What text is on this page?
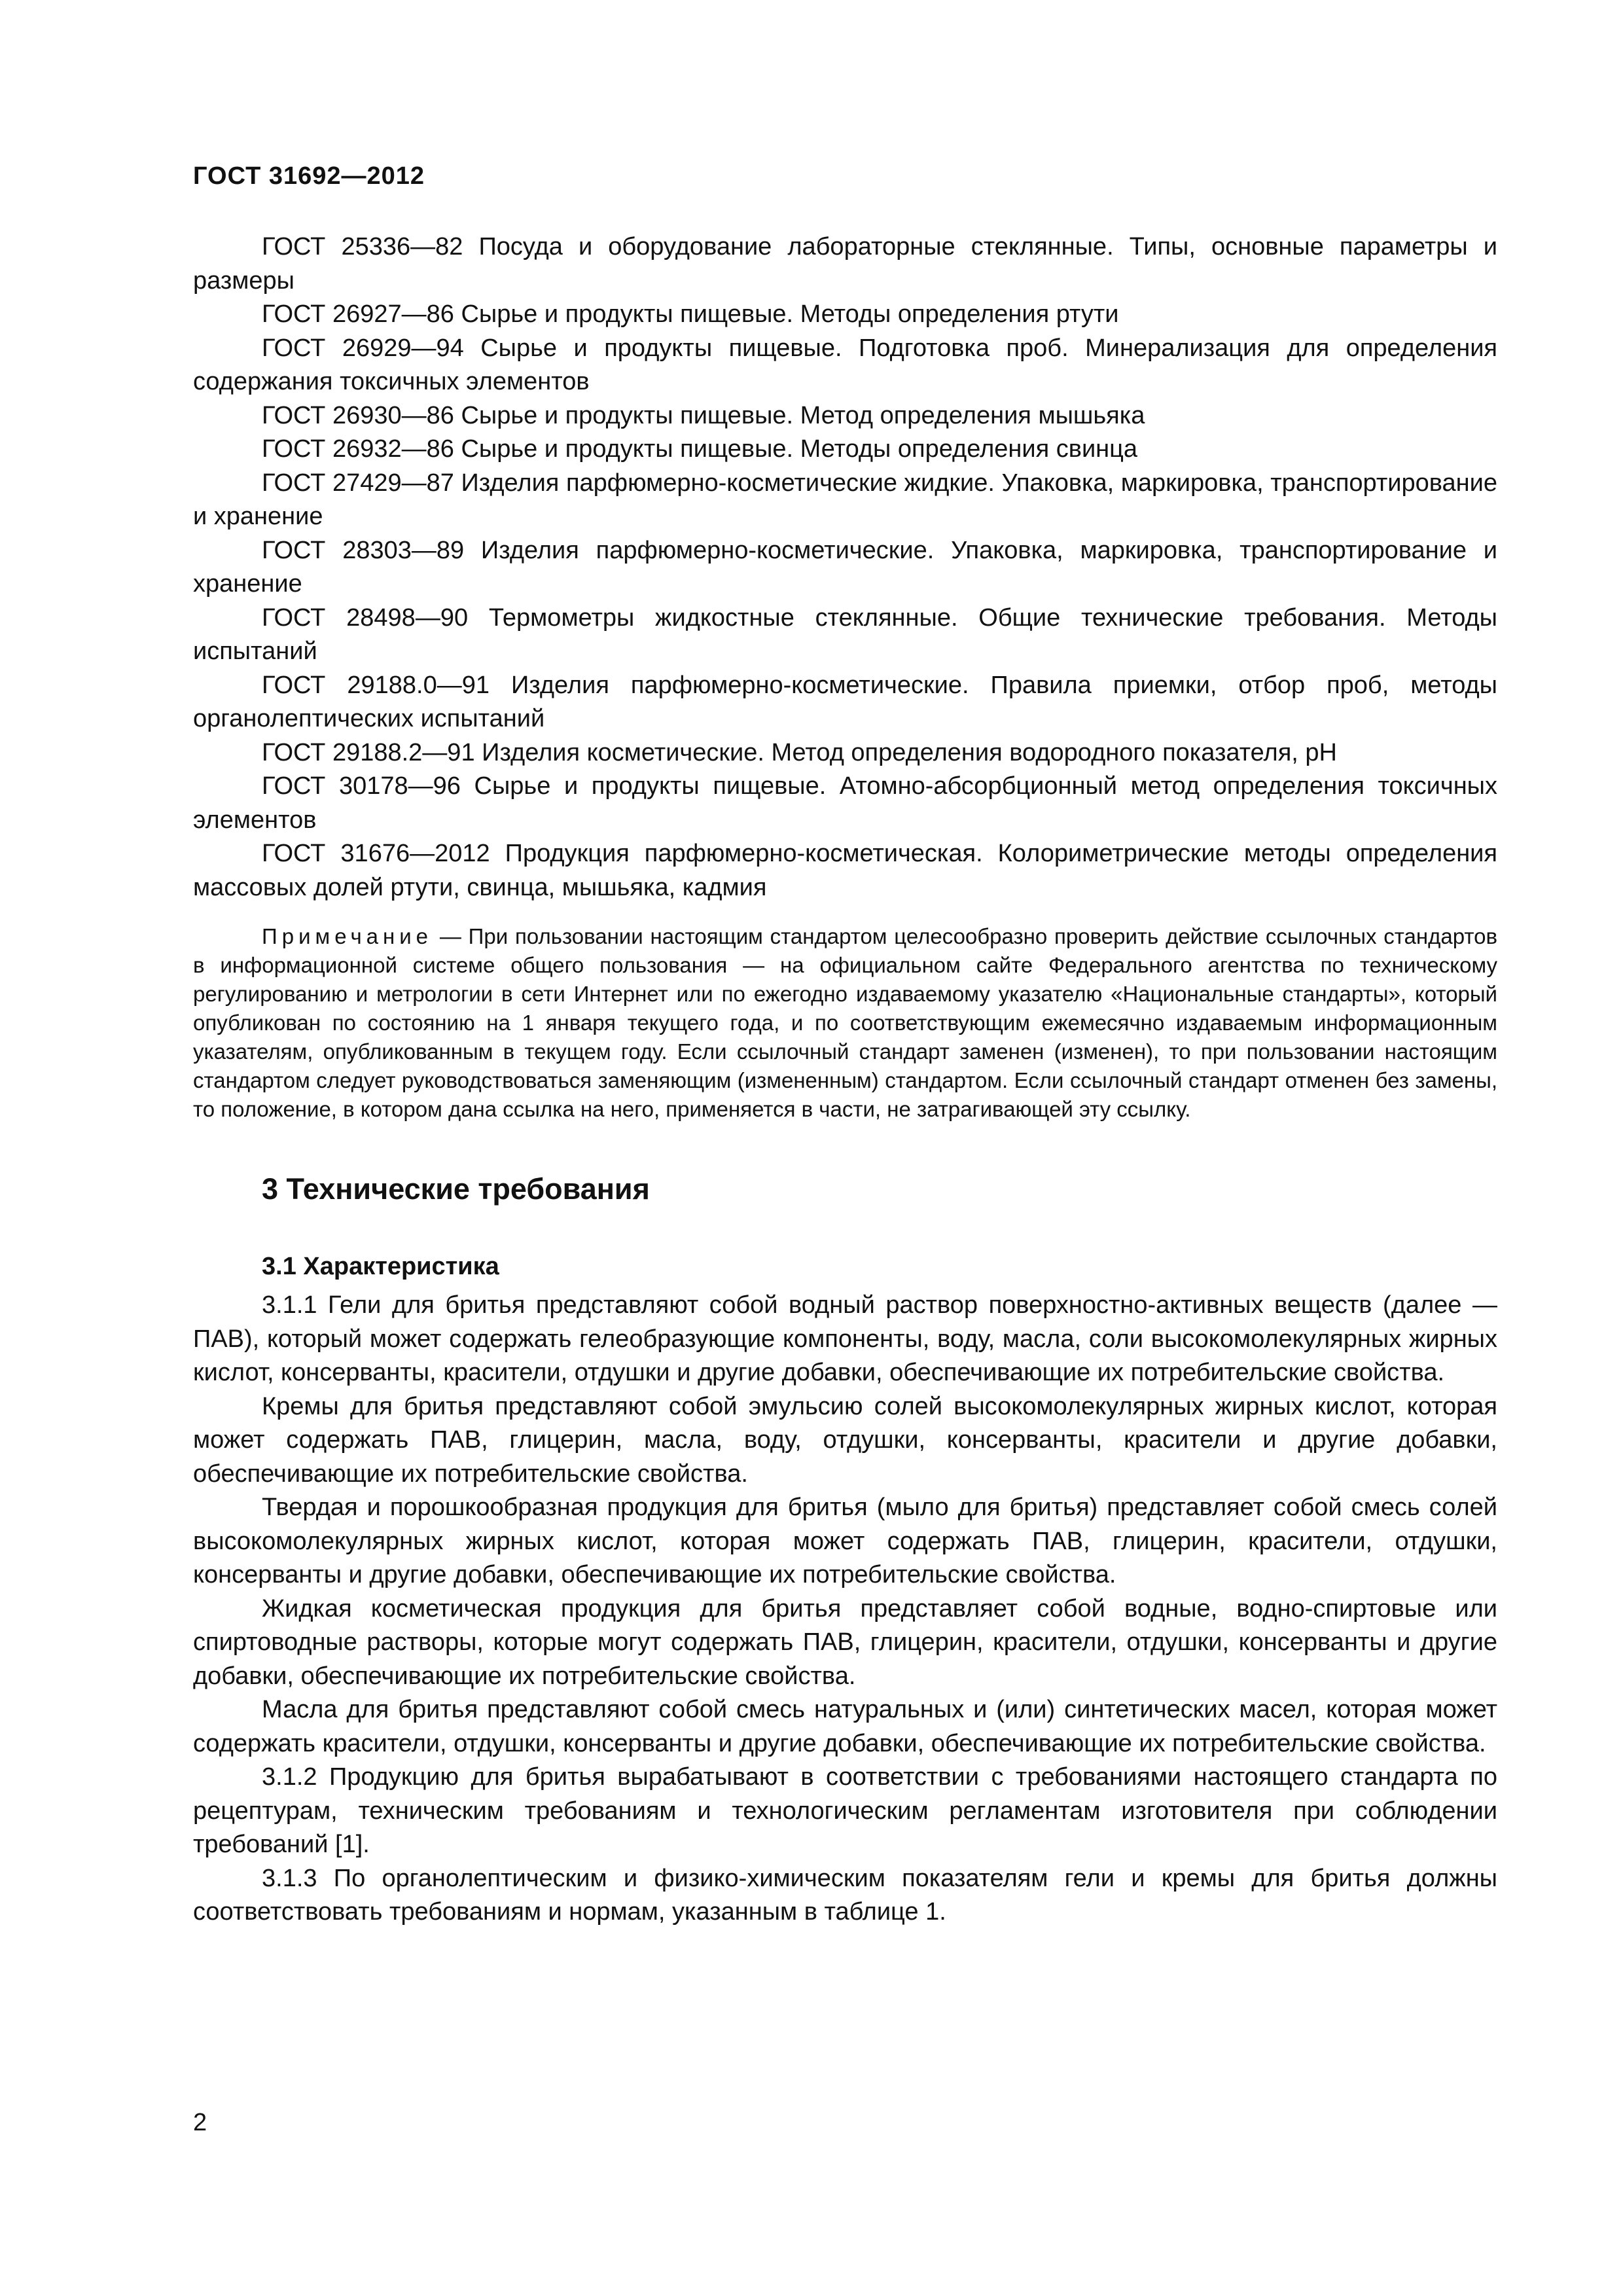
ГОСТ 31692—2012

ГОСТ 25336—82 Посуда и оборудование лабораторные стеклянные. Типы, основные параметры и размеры

ГОСТ 26927—86 Сырье и продукты пищевые. Методы определения ртути

ГОСТ 26929—94 Сырье и продукты пищевые. Подготовка проб. Минерализация для определения содержания токсичных элементов

ГОСТ 26930—86 Сырье и продукты пищевые. Метод определения мышьяка

ГОСТ 26932—86 Сырье и продукты пищевые. Методы определения свинца

ГОСТ 27429—87 Изделия парфюмерно-косметические жидкие. Упаковка, маркировка, транспортирование и хранение

ГОСТ 28303—89 Изделия парфюмерно-косметические. Упаковка, маркировка, транспортирование и хранение

ГОСТ 28498—90 Термометры жидкостные стеклянные. Общие технические требования. Методы испытаний

ГОСТ 29188.0—91 Изделия парфюмерно-косметические. Правила приемки, отбор проб, методы органолептических испытаний

ГОСТ 29188.2—91 Изделия косметические. Метод определения водородного показателя, рН

ГОСТ 30178—96 Сырье и продукты пищевые. Атомно-абсорбционный метод определения токсичных элементов

ГОСТ 31676—2012 Продукция парфюмерно-косметическая. Колориметрические методы определения массовых долей ртути, свинца, мышьяка, кадмия

Примечание — При пользовании настоящим стандартом целесообразно проверить действие ссылочных стандартов в информационной системе общего пользования — на официальном сайте Федерального агентства по техническому регулированию и метрологии в сети Интернет или по ежегодно издаваемому указателю «Национальные стандарты», который опубликован по состоянию на 1 января текущего года, и по соответствующим ежемесячно издаваемым информационным указателям, опубликованным в текущем году. Если ссылочный стандарт заменен (изменен), то при пользовании настоящим стандартом следует руководствоваться заменяющим (измененным) стандартом. Если ссылочный стандарт отменен без замены, то положение, в котором дана ссылка на него, применяется в части, не затрагивающей эту ссылку.

3 Технические требования
3.1 Характеристика

3.1.1 Гели для бритья представляют собой водный раствор поверхностно-активных веществ (далее — ПАВ), который может содержать гелеобразующие компоненты, воду, масла, соли высокомолекулярных жирных кислот, консерванты, красители, отдушки и другие добавки, обеспечивающие их потребительские свойства.

Кремы для бритья представляют собой эмульсию солей высокомолекулярных жирных кислот, которая может содержать ПАВ, глицерин, масла, воду, отдушки, консерванты, красители и другие добавки, обеспечивающие их потребительские свойства.

Твердая и порошкообразная продукция для бритья (мыло для бритья) представляет собой смесь солей высокомолекулярных жирных кислот, которая может содержать ПАВ, глицерин, красители, отдушки, консерванты и другие добавки, обеспечивающие их потребительские свойства.

Жидкая косметическая продукция для бритья представляет собой водные, водно-спиртовые или спиртоводные растворы, которые могут содержать ПАВ, глицерин, красители, отдушки, консерванты и другие добавки, обеспечивающие их потребительские свойства.

Масла для бритья представляют собой смесь натуральных и (или) синтетических масел, которая может содержать красители, отдушки, консерванты и другие добавки, обеспечивающие их потребительские свойства.

3.1.2 Продукцию для бритья вырабатывают в соответствии с требованиями настоящего стандарта по рецептурам, техническим требованиям и технологическим регламентам изготовителя при соблюдении требований [1].

3.1.3 По органолептическим и физико-химическим показателям гели и кремы для бритья должны соответствовать требованиям и нормам, указанным в таблице 1.

2
